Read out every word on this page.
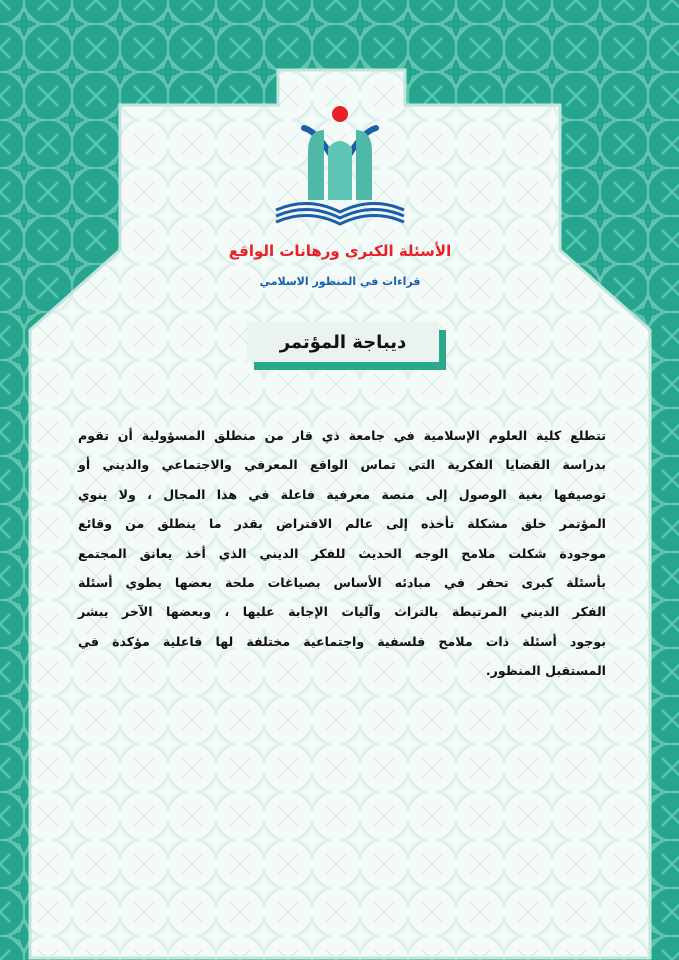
الأسئلة الكبرى ورهانات الواقع
قراءات في المنظور الاسلامي
ديباجة المؤتمر
تتطلع كلية العلوم الإسلامية في جامعة ذي قار من منطلق المسؤولية أن تقوم
بدراسة القضايا الفكرية التي تماس الواقع المعرفي والاجتماعي والديني أو
توصيفها بغية الوصول إلى منصة معرفية فاعلة في هذا المجال ، ولا ينوي
المؤتمر خلق مشكلة تأخذه إلى عالم الافتراض بقدر ما ينطلق من وقائع
موجودة شكلت ملامح الوجه الحديث للفكر الديني الذي أخذ يعانق المجتمع
بأسئلة كبرى تحفر في مبادئه الأساس بصياغات ملحة بعضها يطوي أسئلة
الفكر الديني المرتبطة بالتراث وآليات الإجابة عليها ، وبعضها الآخر يبشر
بوجود أسئلة ذات ملامح فلسفية واجتماعية مختلفة لها فاعلية مؤكدة في
المستقبل المنظور.
